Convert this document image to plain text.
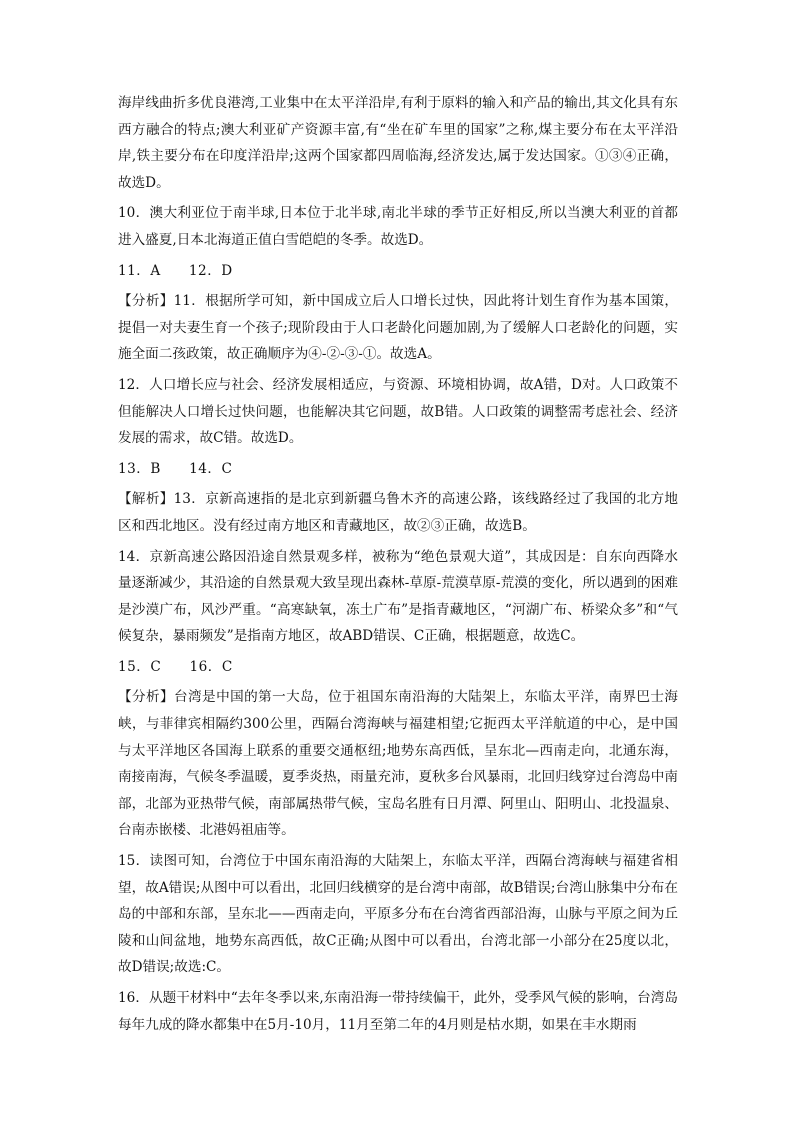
海岸线曲折多优良港湾,工业集中在太平洋沿岸,有利于原料的输入和产品的输出,其文化具有东西方融合的特点;澳大利亚矿产资源丰富,有“坐在矿车里的国家”之称,煤主要分布在太平洋沿岸,铁主要分布在印度洋沿岸;这两个国家都四周临海,经济发达,属于发达国家。①③④正确，故选D。

10．澳大利亚位于南半球,日本位于北半球,南北半球的季节正好相反,所以当澳大利亚的首都进入盛夏,日本北海道正值白雪皑皑的冬季。故选D。

11．A　　12．D

【分析】11．根据所学可知，新中国成立后人口增长过快，因此将计划生育作为基本国策，提倡一对夫妻生育一个孩子;现阶段由于人口老龄化问题加剧,为了缓解人口老龄化的问题，实施全面二孩政策，故正确顺序为④-②-③-①。故选A。

12．人口增长应与社会、经济发展相适应，与资源、环境相协调，故A错，D对。人口政策不但能解决人口增长过快问题，也能解决其它问题，故B错。人口政策的调整需考虑社会、经济发展的需求，故C错。故选D。

13．B　　14．C

【解析】13．京新高速指的是北京到新疆乌鲁木齐的高速公路，该线路经过了我国的北方地区和西北地区。没有经过南方地区和青藏地区，故②③正确，故选B。

14．京新高速公路因沿途自然景观多样，被称为“绝色景观大道”，其成因是：自东向西降水量逐渐减少，其沿途的自然景观大致呈现出森林-草原-荒漠草原-荒漠的变化，所以遇到的困难是沙漠广布，风沙严重。“高寒缺氧，冻土广布”是指青藏地区，“河湖广布、桥梁众多”和“气候复杂，暴雨频发”是指南方地区，故ABD错误、C正确，根据题意，故选C。

15．C　　16．C

【分析】台湾是中国的第一大岛，位于祖国东南沿海的大陆架上，东临太平洋，南界巴士海峡，与菲律宾相隔约300公里，西隔台湾海峡与福建相望;它扼西太平洋航道的中心，是中国与太平洋地区各国海上联系的重要交通枢纽;地势东高西低，呈东北—西南走向，北通东海，南接南海，气候冬季温暖，夏季炎热，雨量充沛，夏秋多台风暴雨，北回归线穿过台湾岛中南部，北部为亚热带气候，南部属热带气候，宝岛名胜有日月潭、阿里山、阳明山、北投温泉、台南赤嵌楼、北港妈祖庙等。

15．读图可知，台湾位于中国东南沿海的大陆架上，东临太平洋，西隔台湾海峡与福建省相望，故A错误;从图中可以看出，北回归线横穿的是台湾中南部，故B错误;台湾山脉集中分布在岛的中部和东部，呈东北——西南走向，平原多分布在台湾省西部沿海，山脉与平原之间为丘陵和山间盆地，地势东高西低，故C正确;从图中可以看出，台湾北部一小部分在25度以北，故D错误;故选:C。

16．从题干材料中“去年冬季以来,东南沿海一带持续偏干，此外，受季风气候的影响，台湾岛每年九成的降水都集中在5月-10月，11月至第二年的4月则是枯水期，如果在丰水期雨
